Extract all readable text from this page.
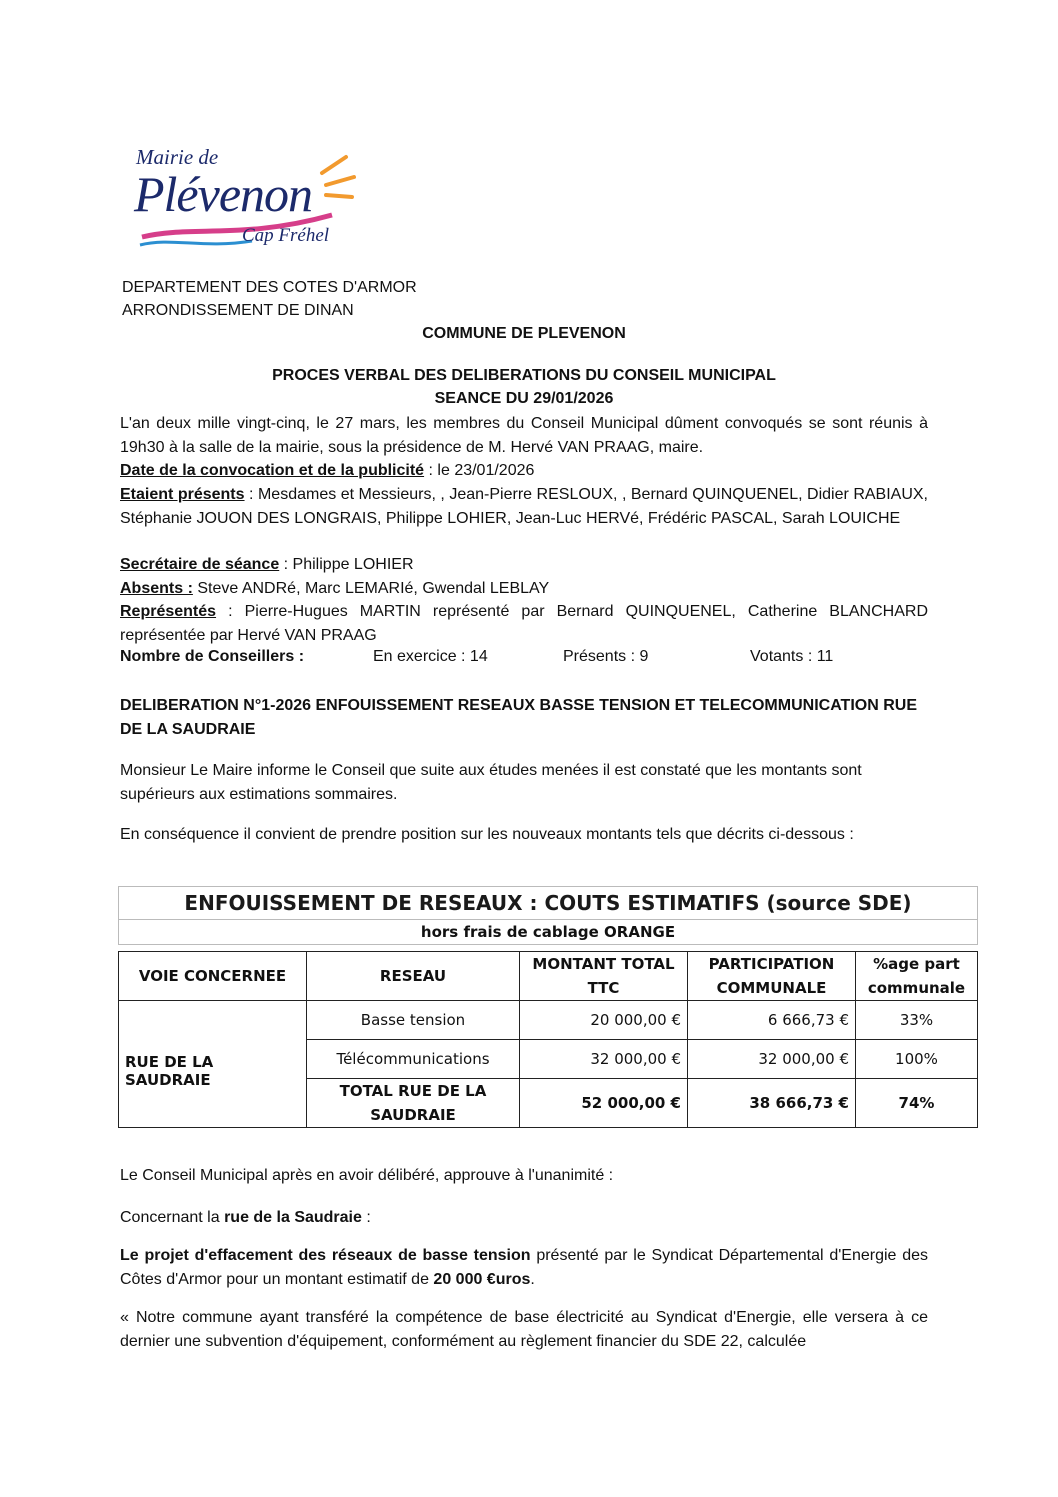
Mairie de
Plévenon
Cap Fréhel
DEPARTEMENT DES COTES D'ARMOR
ARRONDISSEMENT DE DINAN
COMMUNE DE PLEVENON
PROCES VERBAL DES DELIBERATIONS DU CONSEIL MUNICIPAL
SEANCE DU 29/01/2026
L'an deux mille vingt-cinq, le 27 mars, les membres du Conseil Municipal dûment convoqués se sont réunis à 19h30 à la salle de la mairie, sous la présidence de M. Hervé VAN PRAAG, maire.
Date de la convocation et de la publicité : le 23/01/2026
Etaient présents : Mesdames et Messieurs, , Jean-Pierre RESLOUX, , Bernard QUINQUENEL, Didier RABIAUX, Stéphanie JOUON DES LONGRAIS, Philippe LOHIER, Jean-Luc HERVé, Frédéric PASCAL, Sarah LOUICHE
Secrétaire de séance : Philippe LOHIER
Absents : Steve ANDRé, Marc LEMARIé, Gwendal LEBLAY
Représentés : Pierre-Hugues MARTIN représenté par Bernard QUINQUENEL, Catherine BLANCHARD représentée par Hervé VAN PRAAG
Nombre de Conseillers :	En exercice : 14	Présents : 9	Votants : 11
DELIBERATION N°1-2026 ENFOUISSEMENT RESEAUX BASSE TENSION ET TELECOMMUNICATION RUE DE LA SAUDRAIE
Monsieur Le Maire informe le Conseil que suite aux études menées il est constaté que les montants sont supérieurs aux estimations sommaires.
En conséquence il convient de prendre position sur les nouveaux montants tels que décrits ci-dessous :
ENFOUISSEMENT DE RESEAUX : COUTS ESTIMATIFS (source SDE)
hors frais de cablage ORANGE
VOIE CONCERNEE	RESEAU	MONTANT TOTAL TTC	PARTICIPATION COMMUNALE	%age part communale
RUE DE LA SAUDRAIE	Basse tension	20 000,00 €	6 666,73 €	33%
	Télécommunications	32 000,00 €	32 000,00 €	100%
	TOTAL RUE DE LA SAUDRAIE	52 000,00 €	38 666,73 €	74%
Le Conseil Municipal après en avoir délibéré, approuve à l'unanimité :
Concernant la rue de la Saudraie :
Le projet d'effacement des réseaux de basse tension présenté par le Syndicat Départemental d'Energie des Côtes d'Armor pour un montant estimatif de 20 000 €uros.
« Notre commune ayant transféré la compétence de base électricité au Syndicat d'Energie, elle versera à ce dernier une subvention d'équipement, conformément au règlement financier du SDE 22, calculée
